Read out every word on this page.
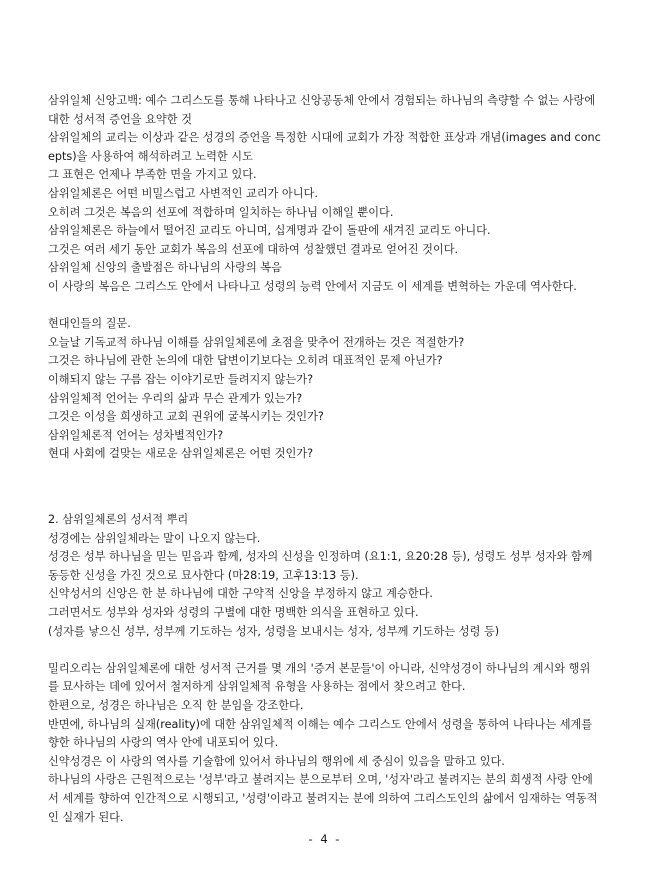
삼위일체 신앙고백: 예수 그리스도를 통해 나타나고 신앙공동체 안에서 경험되는 하나님의 측량할 수 없는 사랑에
대한 성서적 증언을 요약한 것
삼위일체의 교리는 이상과 같은 성경의 증언을 특정한 시대에 교회가 가장 적합한 표상과 개념(images and conc
epts)을 사용하여 해석하려고 노력한 시도
그 표현은 언제나 부족한 면을 가지고 있다.
삼위일체론은 어떤 비밀스럽고 사변적인 교리가 아니다.
오히려 그것은 복음의 선포에 적합하며 일치하는 하나님 이해일 뿐이다.
삼위일체론은 하늘에서 떨어진 교리도 아니며, 십계명과 같이 돌판에 새겨진 교리도 아니다.
그것은 여러 세기 동안 교회가 복음의 선포에 대하여 성찰했던 결과로 얻어진 것이다.
삼위일체 신앙의 출발점은 하나님의 사랑의 복음
이 사랑의 복음은 그리스도 안에서 나타나고 성령의 능력 안에서 지금도 이 세계를 변혁하는 가운데 역사한다.
현대인들의 질문.
오늘날 기독교적 하나님 이해를 삼위일체론에 초점을 맞추어 전개하는 것은 적절한가?
그것은 하나님에 관한 논의에 대한 답변이기보다는 오히려 대표적인 문제 아닌가?
이해되지 않는 구름 잡는 이야기로만 들려지지 않는가?
삼위일체적 언어는 우리의 삶과 무슨 관계가 있는가?
그것은 이성을 희생하고 교회 권위에 굴복시키는 것인가?
삼위일체론적 언어는 성차별적인가?
현대 사회에 걸맞는 새로운 삼위일체론은 어떤 것인가?
2. 삼위일체론의 성서적 뿌리
성경에는 삼위일체라는 말이 나오지 않는다.
성경은 성부 하나님을 믿는 믿음과 함께, 성자의 신성을 인정하며 (요1:1, 요20:28 등), 성령도 성부 성자와 함께
동등한 신성을 가진 것으로 묘사한다 (마28:19, 고후13:13 등).
신약성서의 신앙은 한 분 하나님에 대한 구약적 신앙을 부정하지 않고 계승한다.
그러면서도 성부와 성자와 성령의 구별에 대한 명백한 의식을 표현하고 있다.
(성자를 낳으신 성부, 성부께 기도하는 성자, 성령을 보내시는 성자, 성부께 기도하는 성령 등)
밀리오리는 삼위일체론에 대한 성서적 근거를 몇 개의 '증거 본문들'이 아니라, 신약성경이 하나님의 계시와 행위
를 묘사하는 데에 있어서 철저하게 삼위일체적 유형을 사용하는 점에서 찾으려고 한다.
한편으로, 성경은 하나님은 오직 한 분임을 강조한다.
반면에, 하나님의 실재(reality)에 대한 삼위일체적 이해는 예수 그리스도 안에서 성령을 통하여 나타나는 세계를
향한 하나님의 사랑의 역사 안에 내포되어 있다.
신약성경은 이 사랑의 역사를 기술함에 있어서 하나님의 행위에 세 중심이 있음을 말하고 있다.
하나님의 사랑은 근원적으로는 '성부'라고 불려지는 분으로부터 오며, '성자'라고 불려지는 분의 희생적 사랑 안에
서 세계를 향하여 인간적으로 시행되고, '성령'이라고 불려지는 분에 의하여 그리스도인의 삶에서 임재하는 역동적
인 실재가 된다.
- 4 -
